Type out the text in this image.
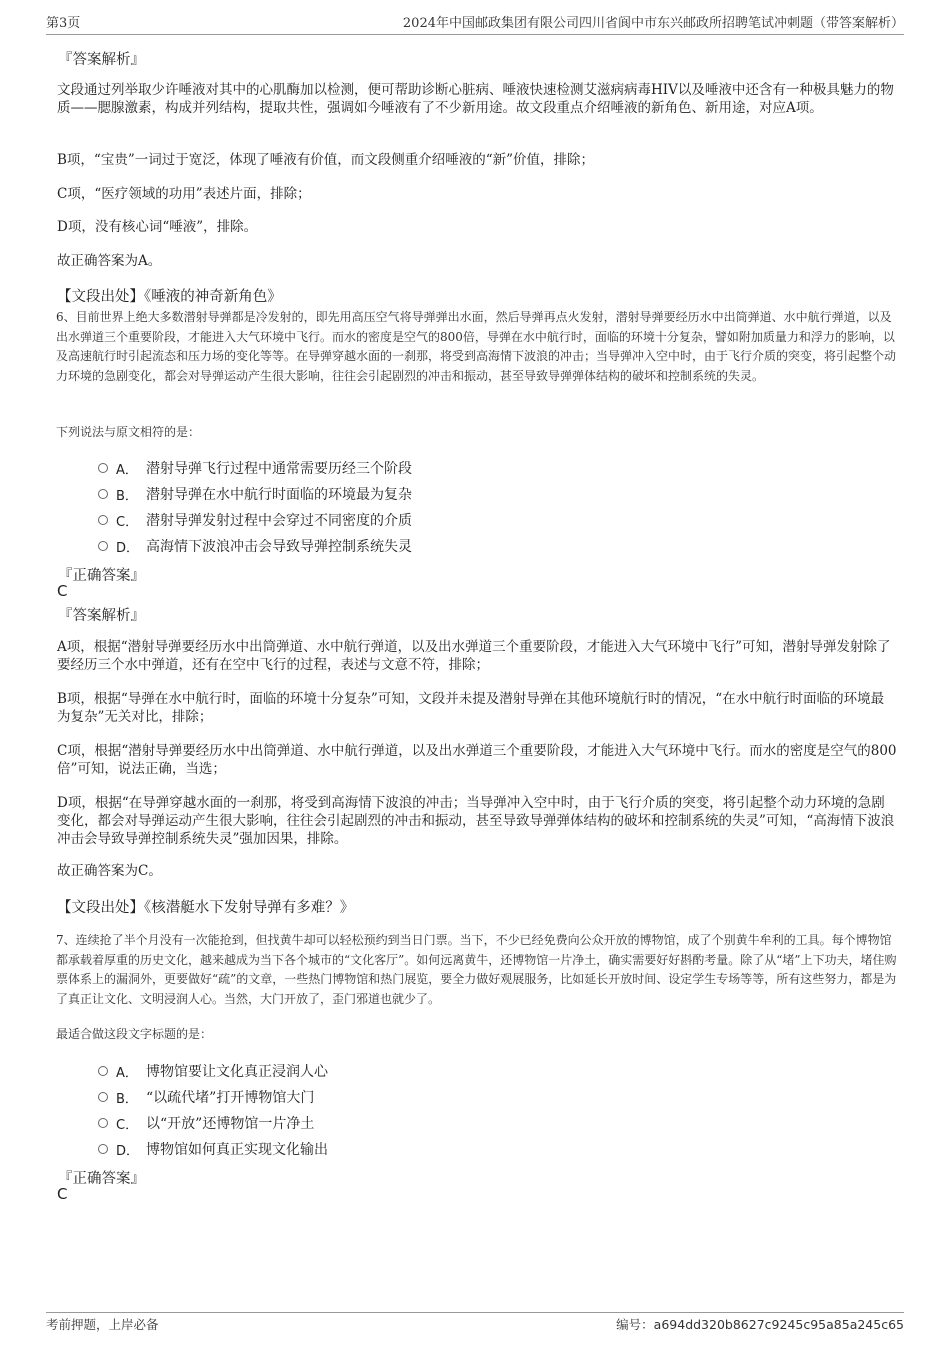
第3页	2024年中国邮政集团有限公司四川省阆中市东兴邮政所招聘笔试冲刺题（带答案解析）
『答案解析』

文段通过列举取少许唾液对其中的心肌酶加以检测，便可帮助诊断心脏病、唾液快速检测艾滋病病毒HIV以及唾液中还含有一种极具魅力的物质——腮腺激素，构成并列结构，提取共性，强调如今唾液有了不少新用途。故文段重点介绍唾液的新角色、新用途，对应A项。

B项，“宝贵”一词过于宽泛，体现了唾液有价值，而文段侧重介绍唾液的“新”价值，排除；

C项，“医疗领域的功用”表述片面，排除；

D项，没有核心词“唾液”，排除。

故正确答案为A。

【文段出处】《唾液的神奇新角色》

6、目前世界上绝大多数潜射导弹都是冷发射的，即先用高压空气将导弹弹出水面，然后导弹再点火发射，潜射导弹要经历水中出筒弹道、水中航行弹道，以及出水弹道三个重要阶段，才能进入大气环境中飞行。而水的密度是空气的800倍，导弹在水中航行时，面临的环境十分复杂，譬如附加质量力和浮力的影响，以及高速航行时引起流态和压力场的变化等等。在导弹穿越水面的一刹那，将受到高海情下波浪的冲击；当导弹冲入空中时，由于飞行介质的突变，将引起整个动力环境的急剧变化，都会对导弹运动产生很大影响，往往会引起剧烈的冲击和振动，甚至导致导弹弹体结构的破坏和控制系统的失灵。

下列说法与原文相符的是：

A． 潜射导弹飞行过程中通常需要历经三个阶段
B． 潜射导弹在水中航行时面临的环境最为复杂
C． 潜射导弹发射过程中会穿过不同密度的介质
D． 高海情下波浪冲击会导致导弹控制系统失灵
『正确答案』
C
『答案解析』

A项，根据“潜射导弹要经历水中出筒弹道、水中航行弹道，以及出水弹道三个重要阶段，才能进入大气环境中飞行”可知，潜射导弹发射除了要经历三个水中弹道，还有在空中飞行的过程，表述与文意不符，排除；

B项，根据“导弹在水中航行时，面临的环境十分复杂”可知，文段并未提及潜射导弹在其他环境航行时的情况，“在水中航行时面临的环境最为复杂”无关对比，排除；

C项，根据“潜射导弹要经历水中出筒弹道、水中航行弹道，以及出水弹道三个重要阶段，才能进入大气环境中飞行。而水的密度是空气的800倍”可知，说法正确，当选；

D项，根据“在导弹穿越水面的一刹那，将受到高海情下波浪的冲击；当导弹冲入空中时，由于飞行介质的突变，将引起整个动力环境的急剧变化，都会对导弹运动产生很大影响，往往会引起剧烈的冲击和振动，甚至导致导弹弹体结构的破坏和控制系统的失灵”可知，“高海情下波浪冲击会导致导弹控制系统失灵”强加因果，排除。

故正确答案为C。

【文段出处】《核潜艇水下发射导弹有多难？》

7、连续抢了半个月没有一次能抢到，但找黄牛却可以轻松预约到当日门票。当下，不少已经免费向公众开放的博物馆，成了个别黄牛牟利的工具。每个博物馆都承载着厚重的历史文化，越来越成为当下各个城市的“文化客厅”。如何远离黄牛，还博物馆一片净土，确实需要好好斟酌考量。除了从“堵”上下功夫，堵住购票体系上的漏洞外，更要做好“疏”的文章，一些热门博物馆和热门展览，要全力做好观展服务，比如延长开放时间、设定学生专场等等，所有这些努力，都是为了真正让文化、文明浸润人心。当然，大门开放了，歪门邪道也就少了。

最适合做这段文字标题的是：

A． 博物馆要让文化真正浸润人心
B． “以疏代堵”打开博物馆大门
C． 以“开放”还博物馆一片净土
D． 博物馆如何真正实现文化输出
『正确答案』
C
考前押题，上岸必备	编号：a694dd320b8627c9245c95a85a245c65
